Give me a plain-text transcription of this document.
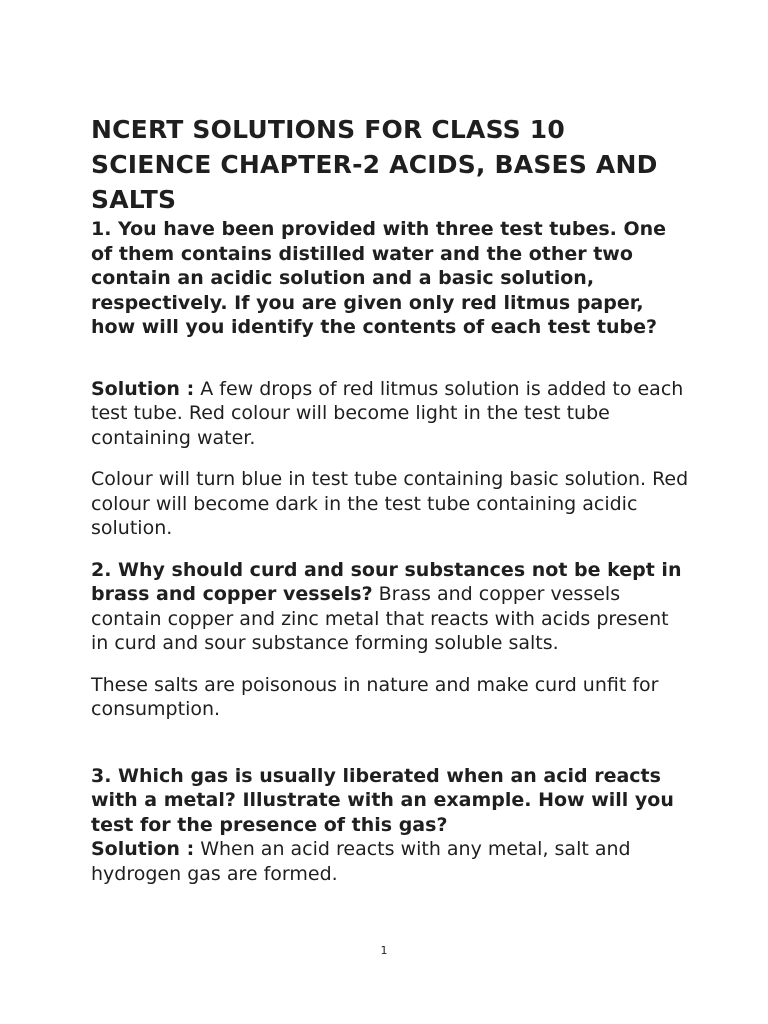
NCERT SOLUTIONS FOR CLASS 10 SCIENCE CHAPTER-2 ACIDS, BASES AND SALTS

1. You have been provided with three test tubes. One of them contains distilled water and the other two contain an acidic solution and a basic solution, respectively. If you are given only red litmus paper, how will you identify the contents of each test tube?

Solution : A few drops of red litmus solution is added to each test tube. Red colour will become light in the test tube containing water.

Colour will turn blue in test tube containing basic solution. Red colour will become dark in the test tube containing acidic solution.

2. Why should curd and sour substances not be kept in brass and copper vessels? Brass and copper vessels contain copper and zinc metal that reacts with acids present in curd and sour substance forming soluble salts.

These salts are poisonous in nature and make curd unfit for consumption.

3. Which gas is usually liberated when an acid reacts with a metal? Illustrate with an example. How will you test for the presence of this gas?

Solution : When an acid reacts with any metal, salt and hydrogen gas are formed.

1
